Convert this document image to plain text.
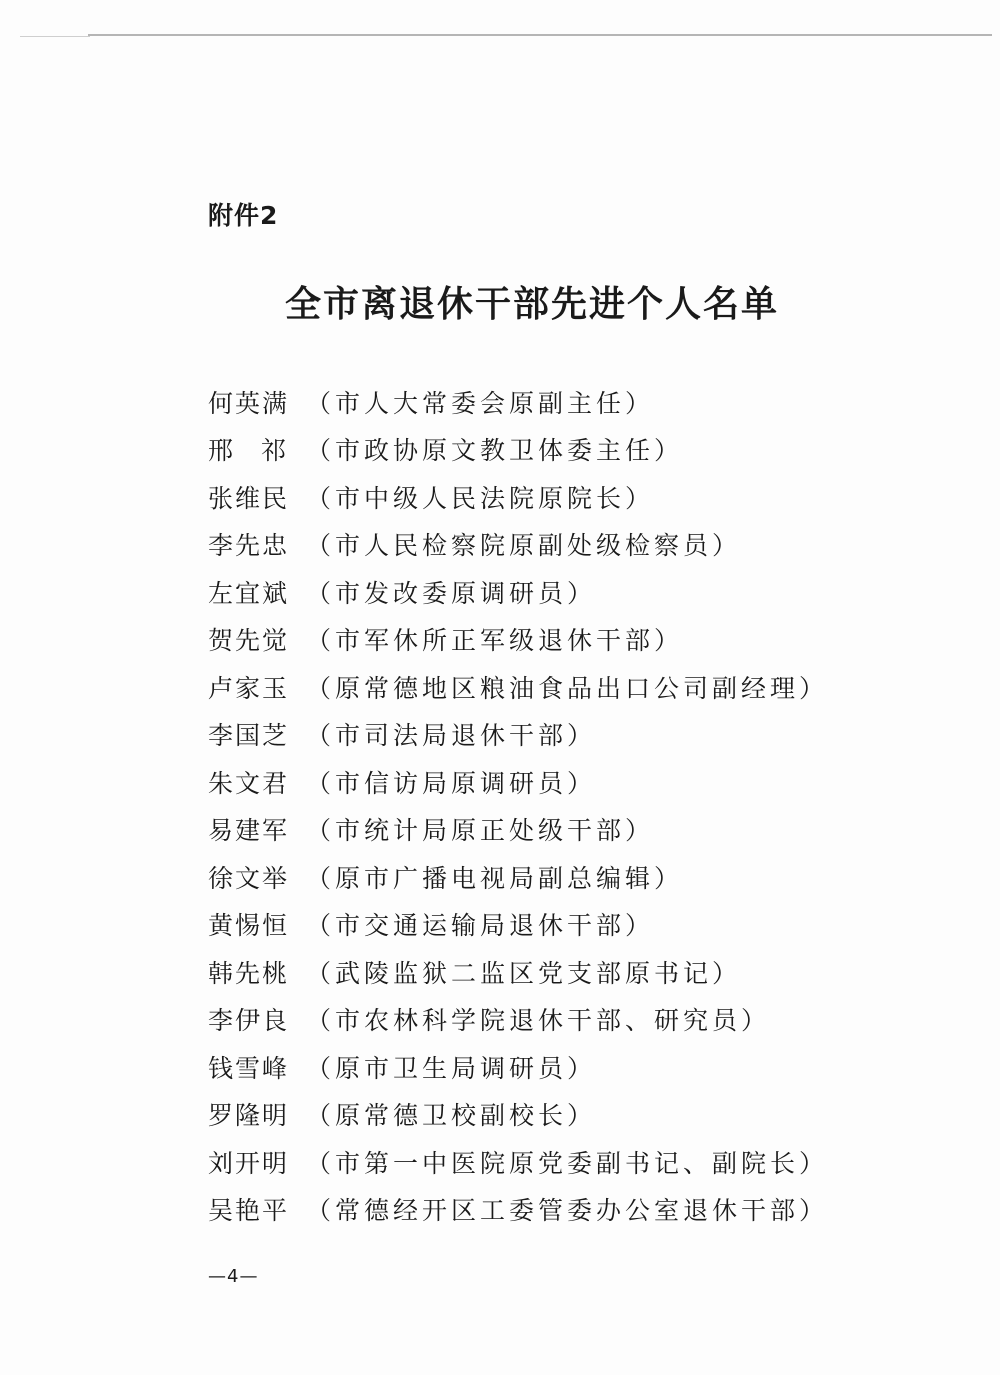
附件2
全市离退休干部先进个人名单
何英满 （市人大常委会原副主任）
邢祁
（市政协原文教卫体委主任）
张维民 （市中级人民法院原院长）
李先忠 （市人民检察院原副处级检察员）
左宜斌 （市发改委原调研员）
贺先觉 （市军休所正军级退休干部）
卢家玉 （原常德地区粮油食品出口公司副经理）
李国芝 （市司法局退休干部）
朱文君 （市信访局原调研员）
易建军 （市统计局原正处级干部）
徐文举 （原市广播电视局副总编辑）
黄惕恒 （市交通运输局退休干部）
韩先桃 （武陵监狱二监区党支部原书记）
李伊良 （市农林科学院退休干部、研究员）
钱雪峰 （原市卫生局调研员）
罗隆明 （原常德卫校副校长）
刘开明 （市第一中医院原党委副书记、副院长）
吴艳平 （常德经开区工委管委办公室退休干部）
—4—
